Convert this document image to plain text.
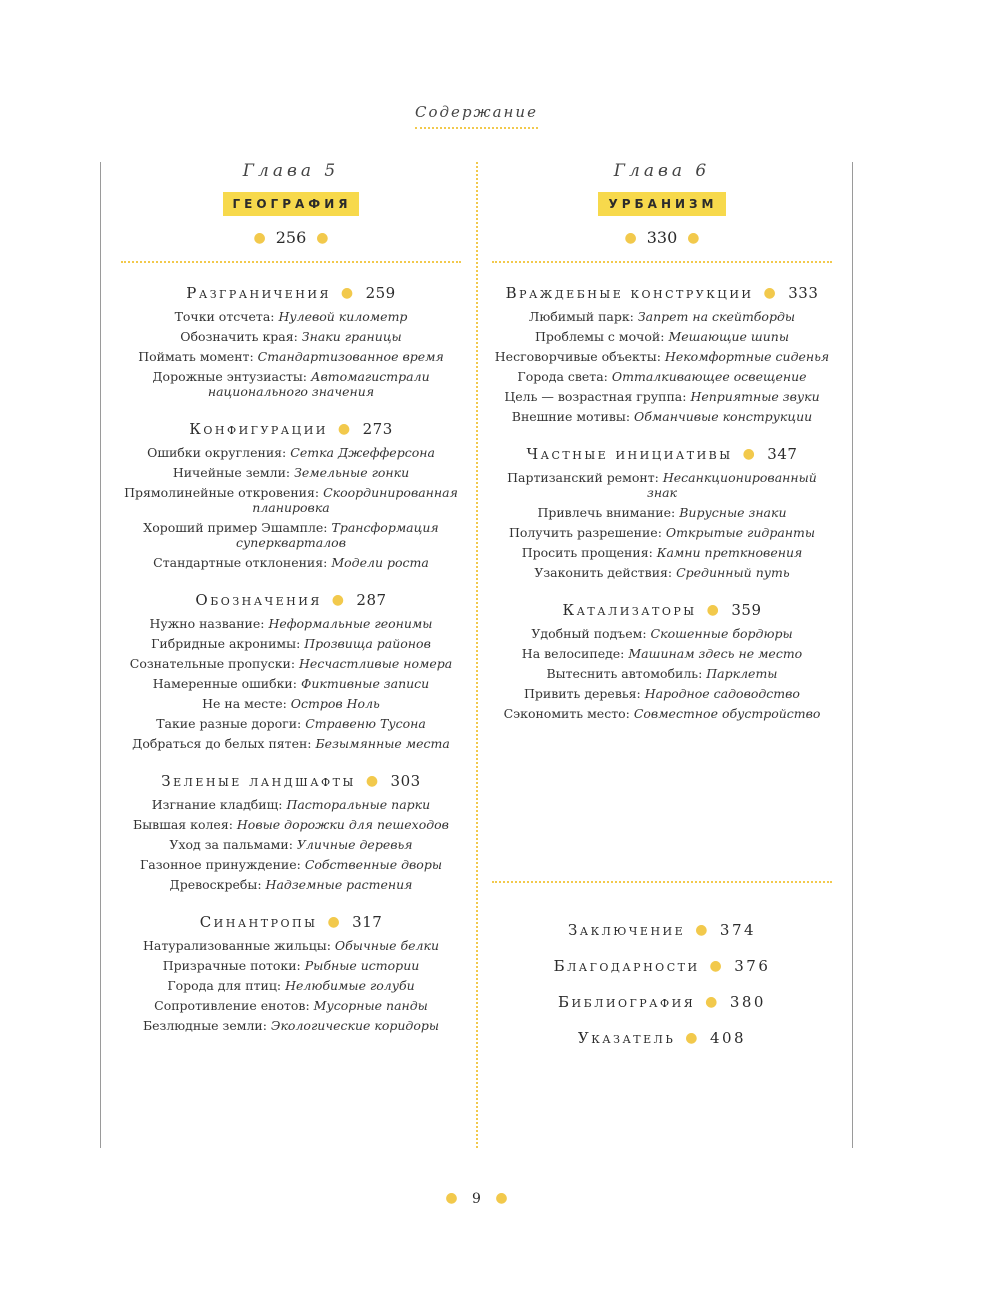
Содержание
Глава 5
ГЕОГРАФИЯ
● 256 ●
Разграничения ● 259
Точки отсчета: Нулевой километр
Обозначить края: Знаки границы
Поймать момент: Стандартизованное время
Дорожные энтузиасты: Автомагистрали национального значения
Конфигурации ● 273
Ошибки округления: Сетка Джефферсона
Ничейные земли: Земельные гонки
Прямолинейные откровения: Скоординированная планировка
Хороший пример Эшампле: Трансформация суперкварталов
Стандартные отклонения: Модели роста
Обозначения ● 287
Нужно название: Неформальные геонимы
Гибридные акронимы: Прозвища районов
Сознательные пропуски: Несчастливые номера
Намеренные ошибки: Фиктивные записи
Не на месте: Остров Ноль
Такие разные дороги: Стравеню Тусона
Добраться до белых пятен: Безымянные места
Зеленые ландшафты ● 303
Изгнание кладбищ: Пасторальные парки
Бывшая колея: Новые дорожки для пешеходов
Уход за пальмами: Уличные деревья
Газонное принуждение: Собственные дворы
Древоскребы: Надземные растения
Синантропы ● 317
Натурализованные жильцы: Обычные белки
Призрачные потоки: Рыбные истории
Города для птиц: Нелюбимые голуби
Сопротивление енотов: Мусорные панды
Безлюдные земли: Экологические коридоры
Глава 6
УРБАНИЗМ
● 330 ●
Враждебные конструкции ● 333
Любимый парк: Запрет на скейтборды
Проблемы с мочой: Мешающие шипы
Несговорчивые объекты: Некомфортные сиденья
Города света: Отталкивающее освещение
Цель — возрастная группа: Неприятные звуки
Внешние мотивы: Обманчивые конструкции
Частные инициативы ● 347
Партизанский ремонт: Несанкционированный знак
Привлечь внимание: Вирусные знаки
Получить разрешение: Открытые гидранты
Просить прощения: Камни преткновения
Узаконить действия: Срединный путь
Катализаторы ● 359
Удобный подъем: Скошенные бордюры
На велосипеде: Машинам здесь не место
Вытеснить автомобиль: Парклеты
Привить деревья: Народное садоводство
Сэкономить место: Совместное обустройство
Заключение ● 374
Благодарности ● 376
Библиография ● 380
Указатель ● 408
● 9 ●
